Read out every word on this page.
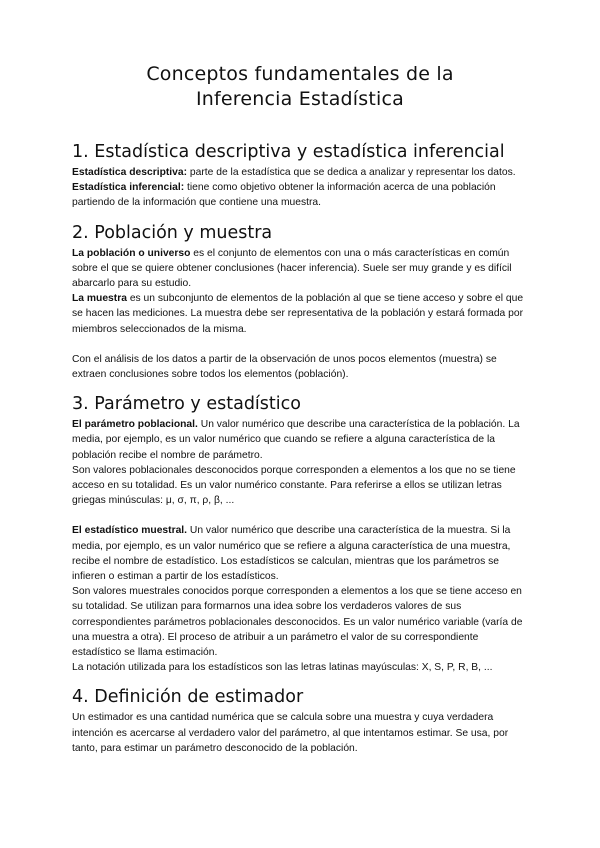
Conceptos fundamentales de la
Inferencia Estadística
1. Estadística descriptiva y estadística inferencial

Estadística descriptiva: parte de la estadística que se dedica a analizar y representar los datos.

Estadística inferencial: tiene como objetivo obtener la información acerca de una población partiendo de la información que contiene una muestra.

2. Población y muestra

La población o universo es el conjunto de elementos con una o más características en común sobre el que se quiere obtener conclusiones (hacer inferencia). Suele ser muy grande y es difícil abarcarlo para su estudio.

La muestra es un subconjunto de elementos de la población al que se tiene acceso y sobre el que se hacen las mediciones. La muestra debe ser representativa de la población y estará formada por miembros seleccionados de la misma.

Con el análisis de los datos a partir de la observación de unos pocos elementos (muestra) se extraen conclusiones sobre todos los elementos (población).

3. Parámetro y estadístico

El parámetro poblacional. Un valor numérico que describe una característica de la población. La media, por ejemplo, es un valor numérico que cuando se refiere a alguna característica de la población recibe el nombre de parámetro.

Son valores poblacionales desconocidos porque corresponden a elementos a los que no se tiene acceso en su totalidad. Es un valor numérico constante. Para referirse a ellos se utilizan letras griegas minúsculas: μ, σ, π, ρ, β, ...

El estadístico muestral. Un valor numérico que describe una característica de la muestra. Si la media, por ejemplo, es un valor numérico que se refiere a alguna característica de una muestra, recibe el nombre de estadístico. Los estadísticos se calculan, mientras que los parámetros se infieren o estiman a partir de los estadísticos.

Son valores muestrales conocidos porque corresponden a elementos a los que se tiene acceso en su totalidad. Se utilizan para formarnos una idea sobre los verdaderos valores de sus correspondientes parámetros poblacionales desconocidos. Es un valor numérico variable (varía de una muestra a otra). El proceso de atribuir a un parámetro el valor de su correspondiente estadístico se llama estimación.

La notación utilizada para los estadísticos son las letras latinas mayúsculas: X, S, P, R, B, ...

4. Definición de estimador

Un estimador es una cantidad numérica que se calcula sobre una muestra y cuya verdadera intención es acercarse al verdadero valor del parámetro, al que intentamos estimar. Se usa, por tanto, para estimar un parámetro desconocido de la población.
